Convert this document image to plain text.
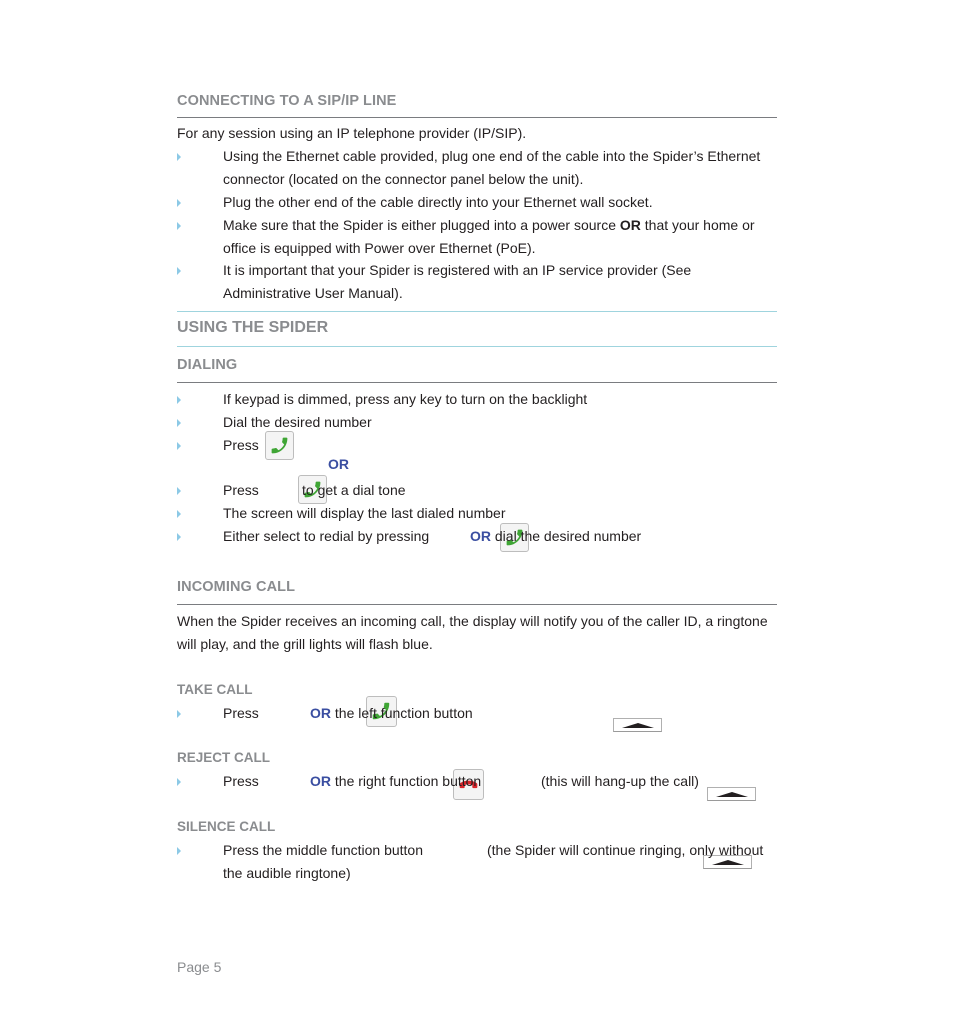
CONNECTING TO A SIP/IP LINE

For any session using an IP telephone provider (IP/SIP).

Using the Ethernet cable provided, plug one end of the cable into the Spider’s Ethernet
connector (located on the connector panel below the unit).
Plug the other end of the cable directly into your Ethernet wall socket.
Make sure that the Spider is either plugged into a power source OR that your home or
office is equipped with Power over Ethernet (PoE).
It is important that your Spider is registered with an IP service provider (See
Administrative User Manual).
USING THE SPIDER
DIALING
If keypad is dimmed, press any key to turn on the backlight
Dial the desired number
Press

OR
Press
	to get a dial tone
The screen will display the last dialed number
Either select to redial by pressing
	OR dial the desired number
INCOMING CALL

When the Spider receives an incoming call, the display will notify you of the caller ID, a ringtone

will play, and the grill lights will flash blue.

TAKE CALL
Press
	OR the left function button

REJECT CALL
Press
	OR the right function button
	(this will hang-up the call)
SILENCE CALL
Press the middle function button
the audible ringtone)
(the Spider will continue ringing, only without
Page 5
